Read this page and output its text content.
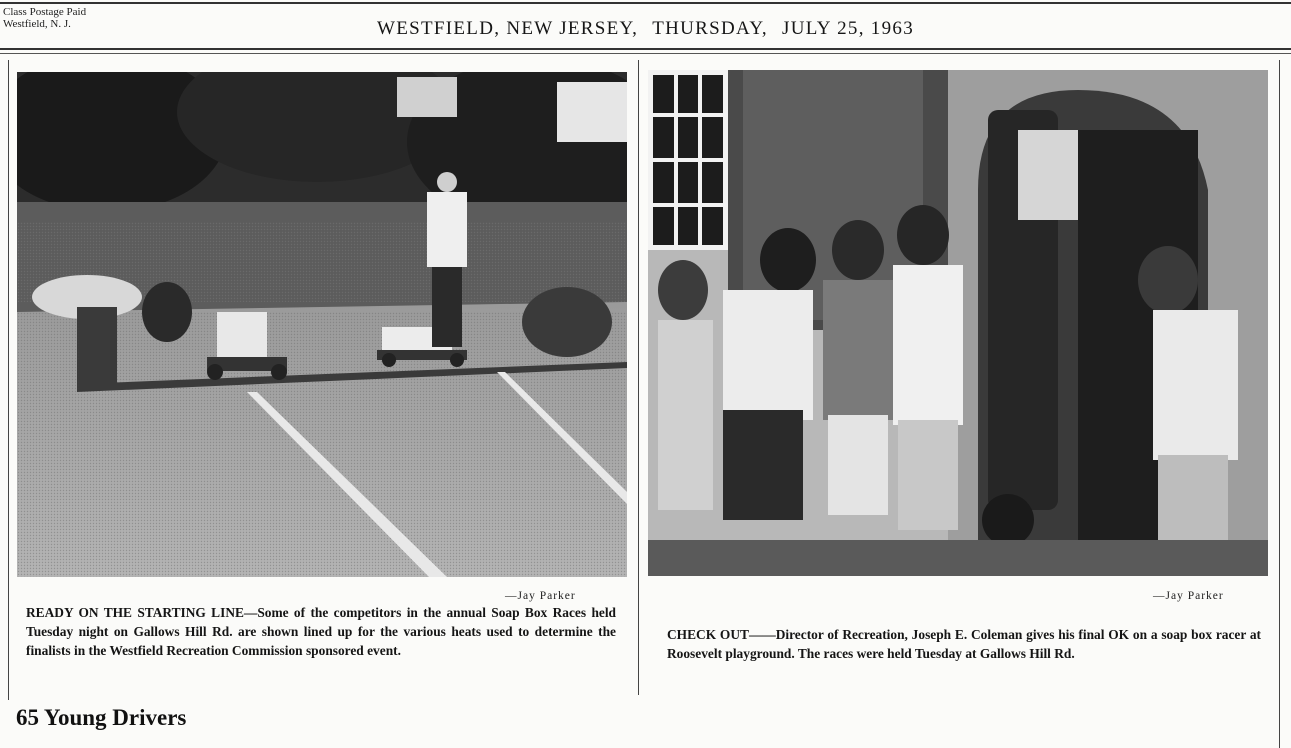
Class Postage Paid
Westfield, N. J.	WESTFIELD, NEW JERSEY, THURSDAY, JULY 25, 1963
—Jay Parker
READY ON THE STARTING LINE—Some of the competitors in the annual Soap Box Races held Tuesday night on Gallows Hill Rd. are shown lined up for the various heats used to determine the finalists in the Westfield Recreation Commission sponsored event.
—Jay Parker
CHECK OUT——Director of Recreation, Joseph E. Coleman gives his final OK on a soap box racer at Roosevelt playground. The races were held Tuesday at Gallows Hill Rd.
65 Young Drivers
